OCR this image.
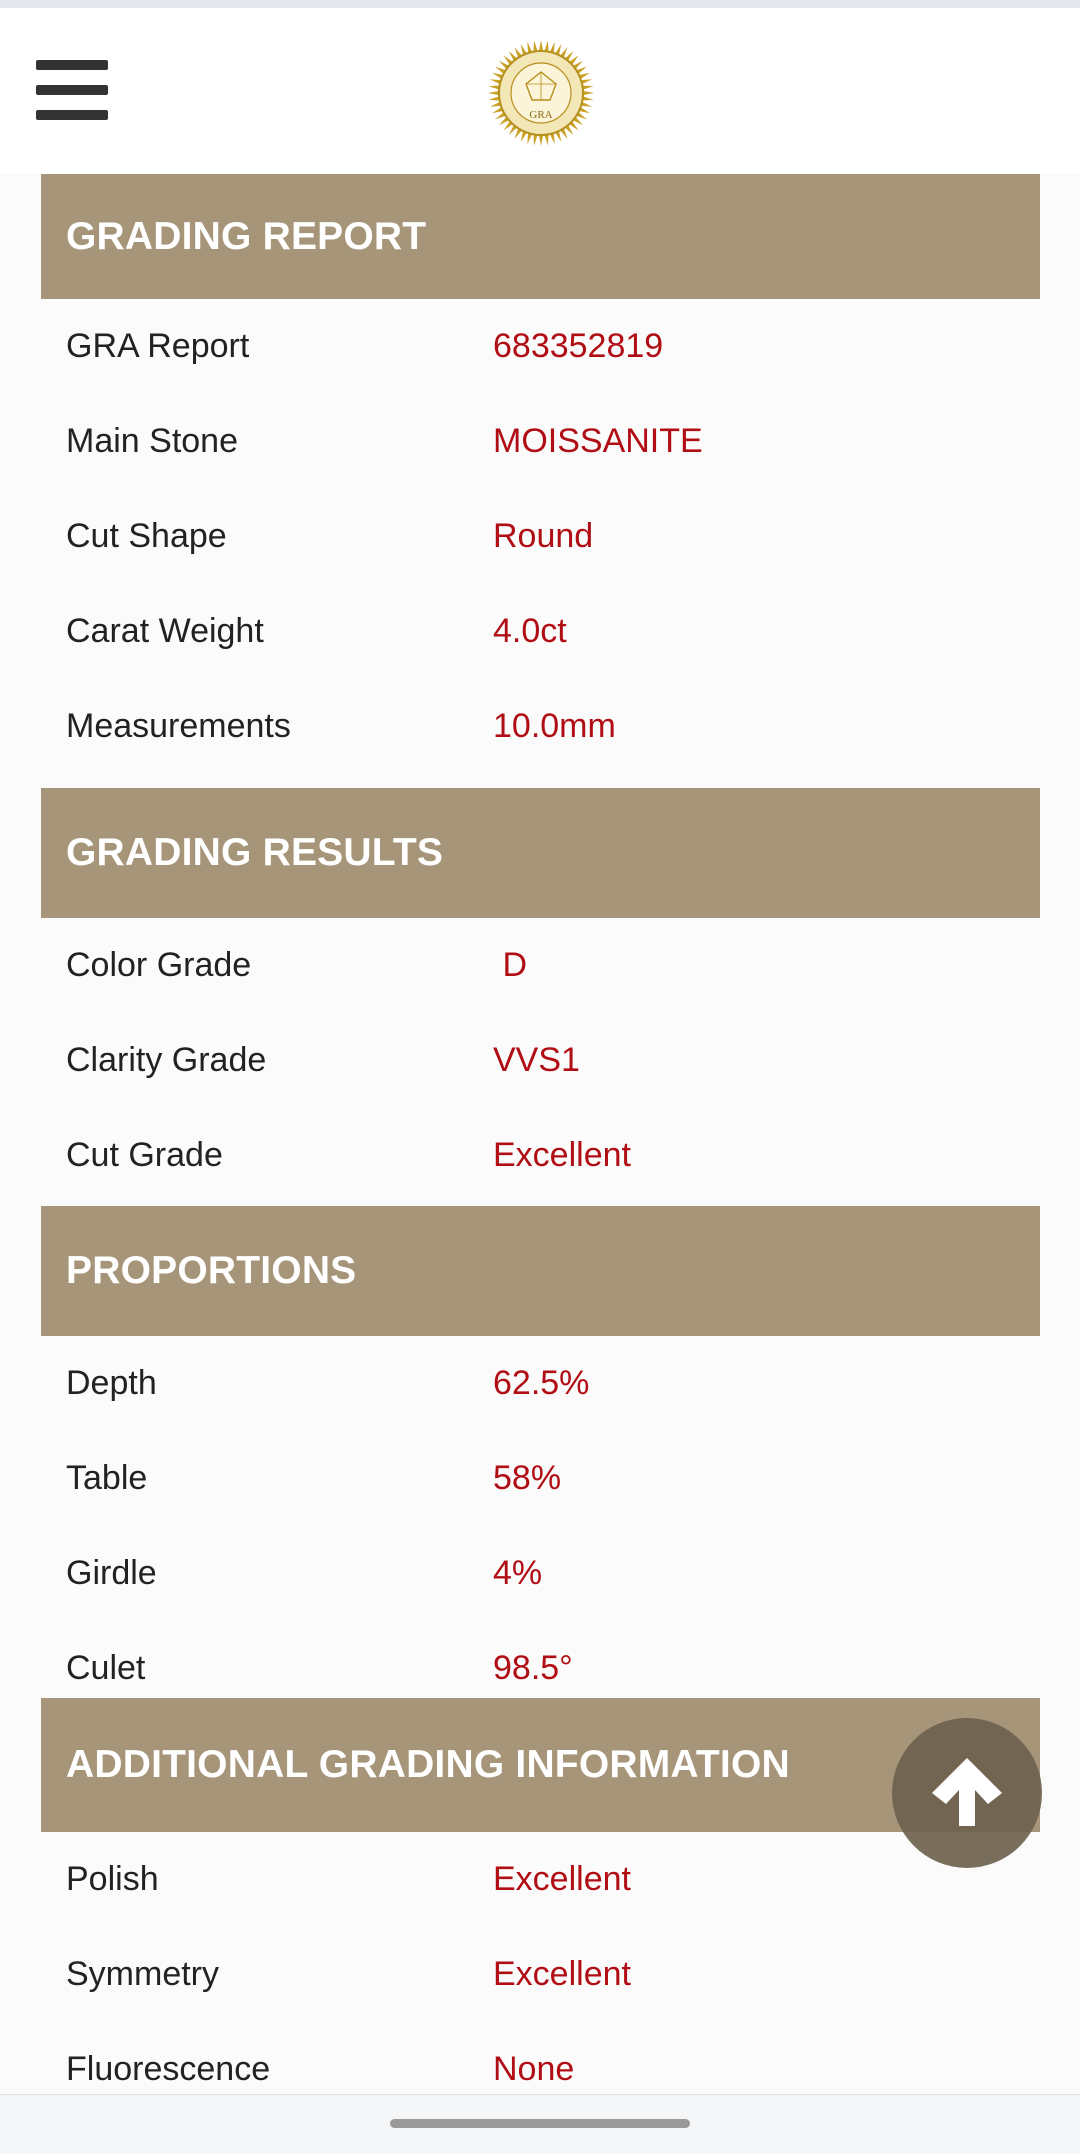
GRA
GRADING REPORT
GRA Report	683352819
Main Stone	MOISSANITE
Cut Shape	Round
Carat Weight	4.0ct
Measurements	10.0mm
GRADING RESULTS
Color Grade	D
Clarity Grade	VVS1
Cut Grade	Excellent
PROPORTIONS
Depth	62.5%
Table	58%
Girdle	4%
Culet	98.5°
ADDITIONAL GRADING INFORMATION
Polish	Excellent
Symmetry	Excellent
Fluorescence	None
